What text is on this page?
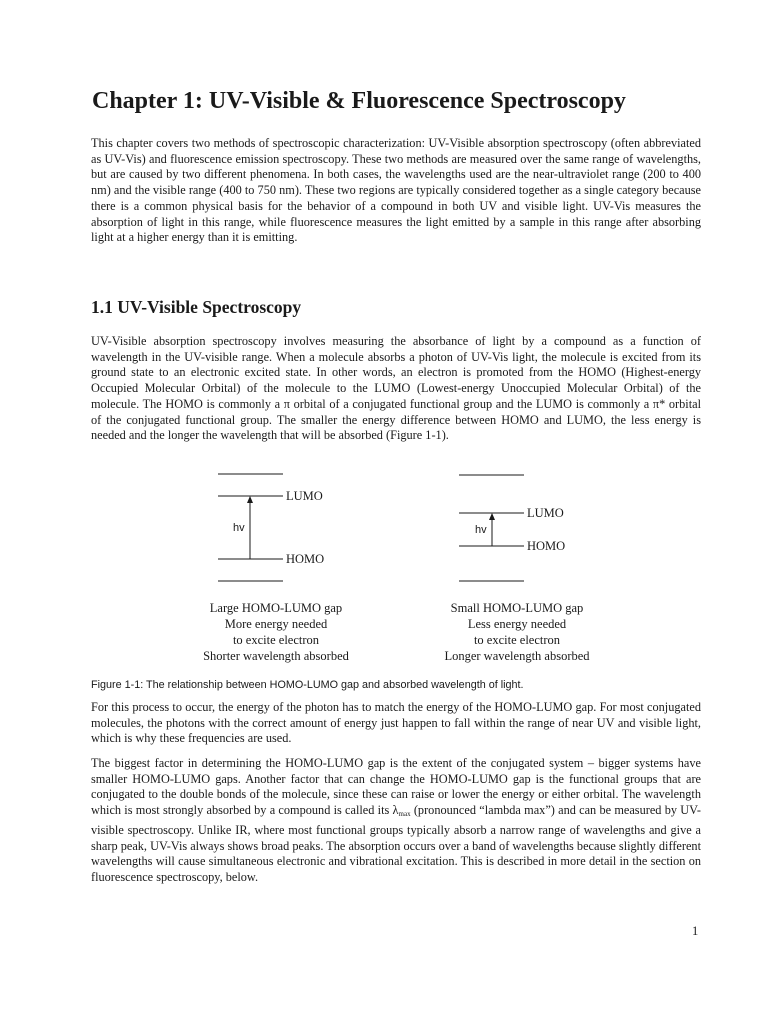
Chapter 1: UV-Visible & Fluorescence Spectroscopy

This chapter covers two methods of spectroscopic characterization: UV-Visible absorption spectroscopy (often abbreviated as UV-Vis) and fluorescence emission spectroscopy. These two methods are measured over the same range of wavelengths, but are caused by two different phenomena. In both cases, the wavelengths used are the near-ultraviolet range (200 to 400 nm) and the visible range (400 to 750 nm). These two regions are typically considered together as a single category because there is a common physical basis for the behavior of a compound in both UV and visible light. UV-Vis measures the absorption of light in this range, while fluorescence measures the light emitted by a sample in this range after absorbing light at a higher energy than it is emitting.

1.1 UV-Visible Spectroscopy

UV-Visible absorption spectroscopy involves measuring the absorbance of light by a compound as a function of wavelength in the UV-visible range. When a molecule absorbs a photon of UV-Vis light, the molecule is excited from its ground state to an electronic excited state. In other words, an electron is promoted from the HOMO (Highest-energy Occupied Molecular Orbital) of the molecule to the LUMO (Lowest-energy Unoccupied Molecular Orbital) of the molecule. The HOMO is commonly a π orbital of a conjugated functional group and the LUMO is commonly a π* orbital of the conjugated functional group. The smaller the energy difference between HOMO and LUMO, the less energy is needed and the longer the wavelength that will be absorbed (Figure 1-1).

LUMO
HOMO
hv
Large HOMO-LUMO gap
More energy needed
to excite electron
Shorter wavelength absorbed
LUMO
HOMO
hv
Small HOMO-LUMO gap
Less energy needed
to excite electron
Longer wavelength absorbed

Figure 1-1: The relationship between HOMO-LUMO gap and absorbed wavelength of light.

For this process to occur, the energy of the photon has to match the energy of the HOMO-LUMO gap. For most conjugated molecules, the photons with the correct amount of energy just happen to fall within the range of near UV and visible light, which is why these frequencies are used.

The biggest factor in determining the HOMO-LUMO gap is the extent of the conjugated system – bigger systems have smaller HOMO-LUMO gaps. Another factor that can change the HOMO-LUMO gap is the functional groups that are conjugated to the double bonds of the molecule, since these can raise or lower the energy or either orbital. The wavelength which is most strongly absorbed by a compound is called its $\lambda_{max}$ (pronounced “lambda max”) and can be measured by UV-visible spectroscopy. Unlike IR, where most functional groups typically absorb a narrow range of wavelengths and give a sharp peak, UV-Vis always shows broad peaks. The absorption occurs over a band of wavelengths because slightly different wavelengths will cause simultaneous electronic and vibrational excitation. This is described in more detail in the section on fluorescence spectroscopy, below.

1
